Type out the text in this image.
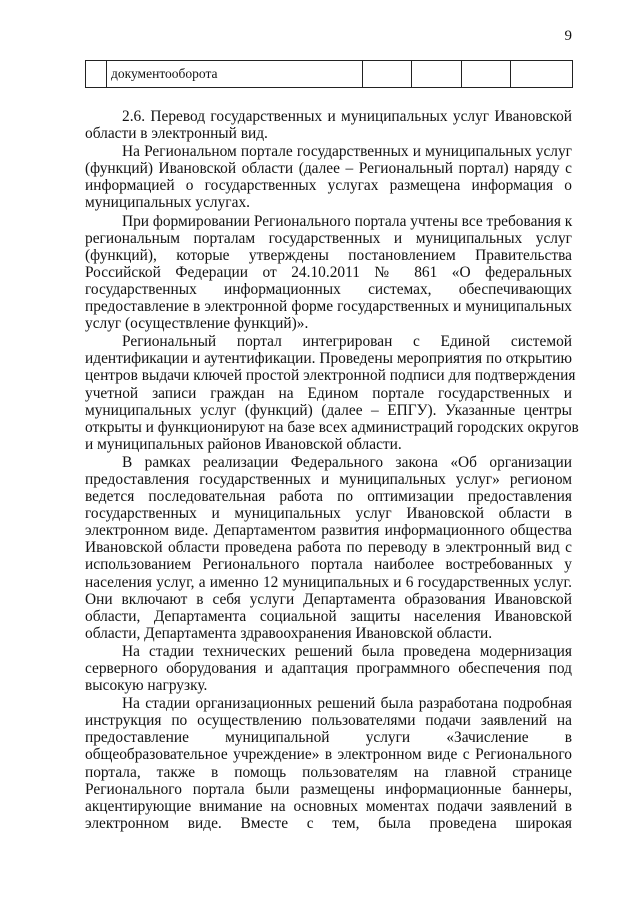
9
	документооборота				

2.6. Перевод государственных и муниципальных услуг Ивановской
области в электронный вид.

На Региональном портале государственных и муниципальных услуг
(функций) Ивановской области (далее – Региональный портал) наряду с
информацией о государственных услугах размещена информация о
муниципальных услугах.

При формировании Регионального портала учтены все требования к
региональным порталам государственных и муниципальных услуг
(функций), которые утверждены постановлением Правительства
Российской Федерации от 24.10.2011 № 861 «О федеральных
государственных информационных системах, обеспечивающих
предоставление в электронной форме государственных и муниципальных
услуг (осуществление функций)».

Региональный портал интегрирован с Единой системой
идентификации и аутентификации. Проведены мероприятия по открытию
центров выдачи ключей простой электронной подписи для подтверждения
учетной записи граждан на Едином портале государственных и
муниципальных услуг (функций) (далее – ЕПГУ). Указанные центры
открыты и функционируют на базе всех администраций городских округов
и муниципальных районов Ивановской области.

В рамках реализации Федерального закона «Об организации
предоставления государственных и муниципальных услуг» регионом
ведется последовательная работа по оптимизации предоставления
государственных и муниципальных услуг Ивановской области в
электронном виде. Департаментом развития информационного общества
Ивановской области проведена работа по переводу в электронный вид с
использованием Регионального портала наиболее востребованных у
населения услуг, а именно 12 муниципальных и 6 государственных услуг.
Они включают в себя услуги Департамента образования Ивановской
области, Департамента социальной защиты населения Ивановской
области, Департамента здравоохранения Ивановской области.

На стадии технических решений была проведена модернизация
серверного оборудования и адаптация программного обеспечения под
высокую нагрузку.

На стадии организационных решений была разработана подробная
инструкция по осуществлению пользователями подачи заявлений на
предоставление муниципальной услуги «Зачисление в
общеобразовательное учреждение» в электронном виде с Регионального
портала, также в помощь пользователям на главной странице
Регионального портала были размещены информационные баннеры,
акцентирующие внимание на основных моментах подачи заявлений в
электронном виде. Вместе с тем, была проведена широкая
